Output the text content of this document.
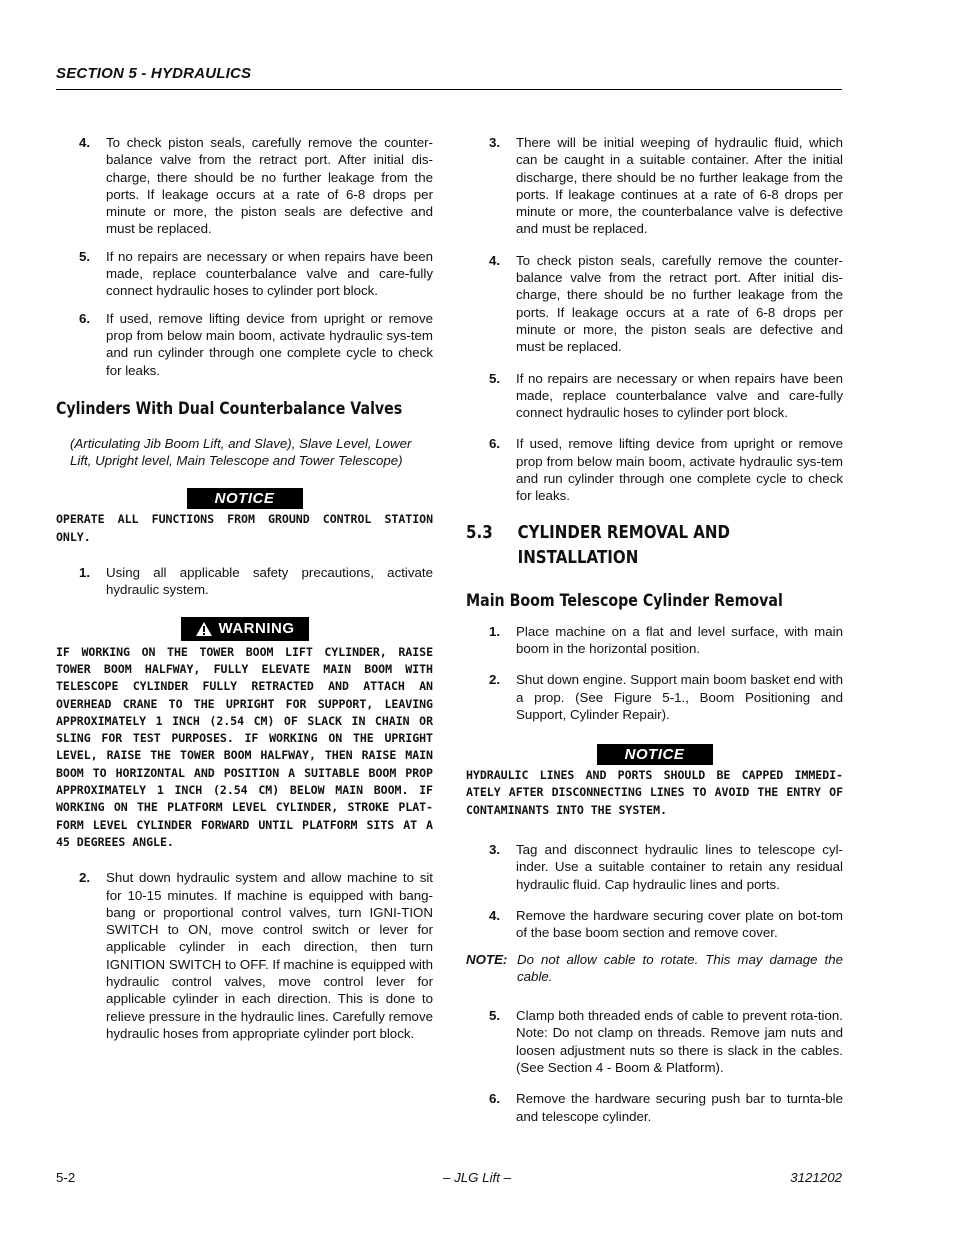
SECTION 5 - HYDRAULICS
4.	To check piston seals, carefully remove the counter-balance valve from the retract port. After initial dis-charge, there should be no further leakage from the ports. If leakage occurs at a rate of 6-8 drops per minute or more, the piston seals are defective and must be replaced.
5.	If no repairs are necessary or when repairs have been made, replace counterbalance valve and care-fully connect hydraulic hoses to cylinder port block.
6.	If used, remove lifting device from upright or remove prop from below main boom, activate hydraulic sys-tem and run cylinder through one complete cycle to check for leaks.
Cylinders With Dual Counterbalance Valves
(Articulating Jib Boom Lift, and Slave), Slave Level, Lower Lift, Upright level, Main Telescope and Tower Telescope)
NOTICE
OPERATE ALL FUNCTIONS FROM GROUND CONTROL STATION ONLY.
1.	Using all applicable safety precautions, activate hydraulic system.
WARNING
IF WORKING ON THE TOWER BOOM LIFT CYLINDER, RAISE TOWER BOOM HALFWAY, FULLY ELEVATE MAIN BOOM WITH TELESCOPE CYLINDER FULLY RETRACTED AND ATTACH AN OVERHEAD CRANE TO THE UPRIGHT FOR SUPPORT, LEAVING APPROXIMATELY 1 INCH (2.54 CM) OF SLACK IN CHAIN OR SLING FOR TEST PURPOSES. IF WORKING ON THE UPRIGHT LEVEL, RAISE THE TOWER BOOM HALFWAY, THEN RAISE MAIN BOOM TO HORIZONTAL AND POSITION A SUITABLE BOOM PROP APPROXIMATELY 1 INCH (2.54 CM) BELOW MAIN BOOM. IF WORKING ON THE PLATFORM LEVEL CYLINDER, STROKE PLAT-FORM LEVEL CYLINDER FORWARD UNTIL PLATFORM SITS AT A 45 DEGREES ANGLE.
2.	Shut down hydraulic system and allow machine to sit for 10-15 minutes. If machine is equipped with bang-bang or proportional control valves, turn IGNI-TION SWITCH to ON, move control switch or lever for applicable cylinder in each direction, then turn IGNITION SWITCH to OFF. If machine is equipped with hydraulic control valves, move control lever for applicable cylinder in each direction. This is done to relieve pressure in the hydraulic lines. Carefully remove hydraulic hoses from appropriate cylinder port block.
3.	There will be initial weeping of hydraulic fluid, which can be caught in a suitable container. After the initial discharge, there should be no further leakage from the ports. If leakage continues at a rate of 6-8 drops per minute or more, the counterbalance valve is defective and must be replaced.
4.	To check piston seals, carefully remove the counter-balance valve from the retract port. After initial dis-charge, there should be no further leakage from the ports. If leakage occurs at a rate of 6-8 drops per minute or more, the piston seals are defective and must be replaced.
5.	If no repairs are necessary or when repairs have been made, replace counterbalance valve and care-fully connect hydraulic hoses to cylinder port block.
6.	If used, remove lifting device from upright or remove prop from below main boom, activate hydraulic sys-tem and run cylinder through one complete cycle to check for leaks.
5.3 CYLINDER REMOVAL AND
INSTALLATION
Main Boom Telescope Cylinder Removal
1.	Place machine on a flat and level surface, with main boom in the horizontal position.
2.	Shut down engine. Support main boom basket end with a prop. (See Figure 5-1., Boom Positioning and Support, Cylinder Repair).
NOTICE
HYDRAULIC LINES AND PORTS SHOULD BE CAPPED IMMEDI-ATELY AFTER DISCONNECTING LINES TO AVOID THE ENTRY OF CONTAMINANTS INTO THE SYSTEM.
3.	Tag and disconnect hydraulic lines to telescope cyl-inder. Use a suitable container to retain any residual hydraulic fluid. Cap hydraulic lines and ports.
4.	Remove the hardware securing cover plate on bot-tom of the base boom section and remove cover.
NOTE: Do not allow cable to rotate. This may damage the cable.
5.	Clamp both threaded ends of cable to prevent rota-tion. Note: Do not clamp on threads. Remove jam nuts and loosen adjustment nuts so there is slack in the cables. (See Section 4 - Boom & Platform).
6.	Remove the hardware securing push bar to turnta-ble and telescope cylinder.
– JLG Lift –
5-2	3121202
